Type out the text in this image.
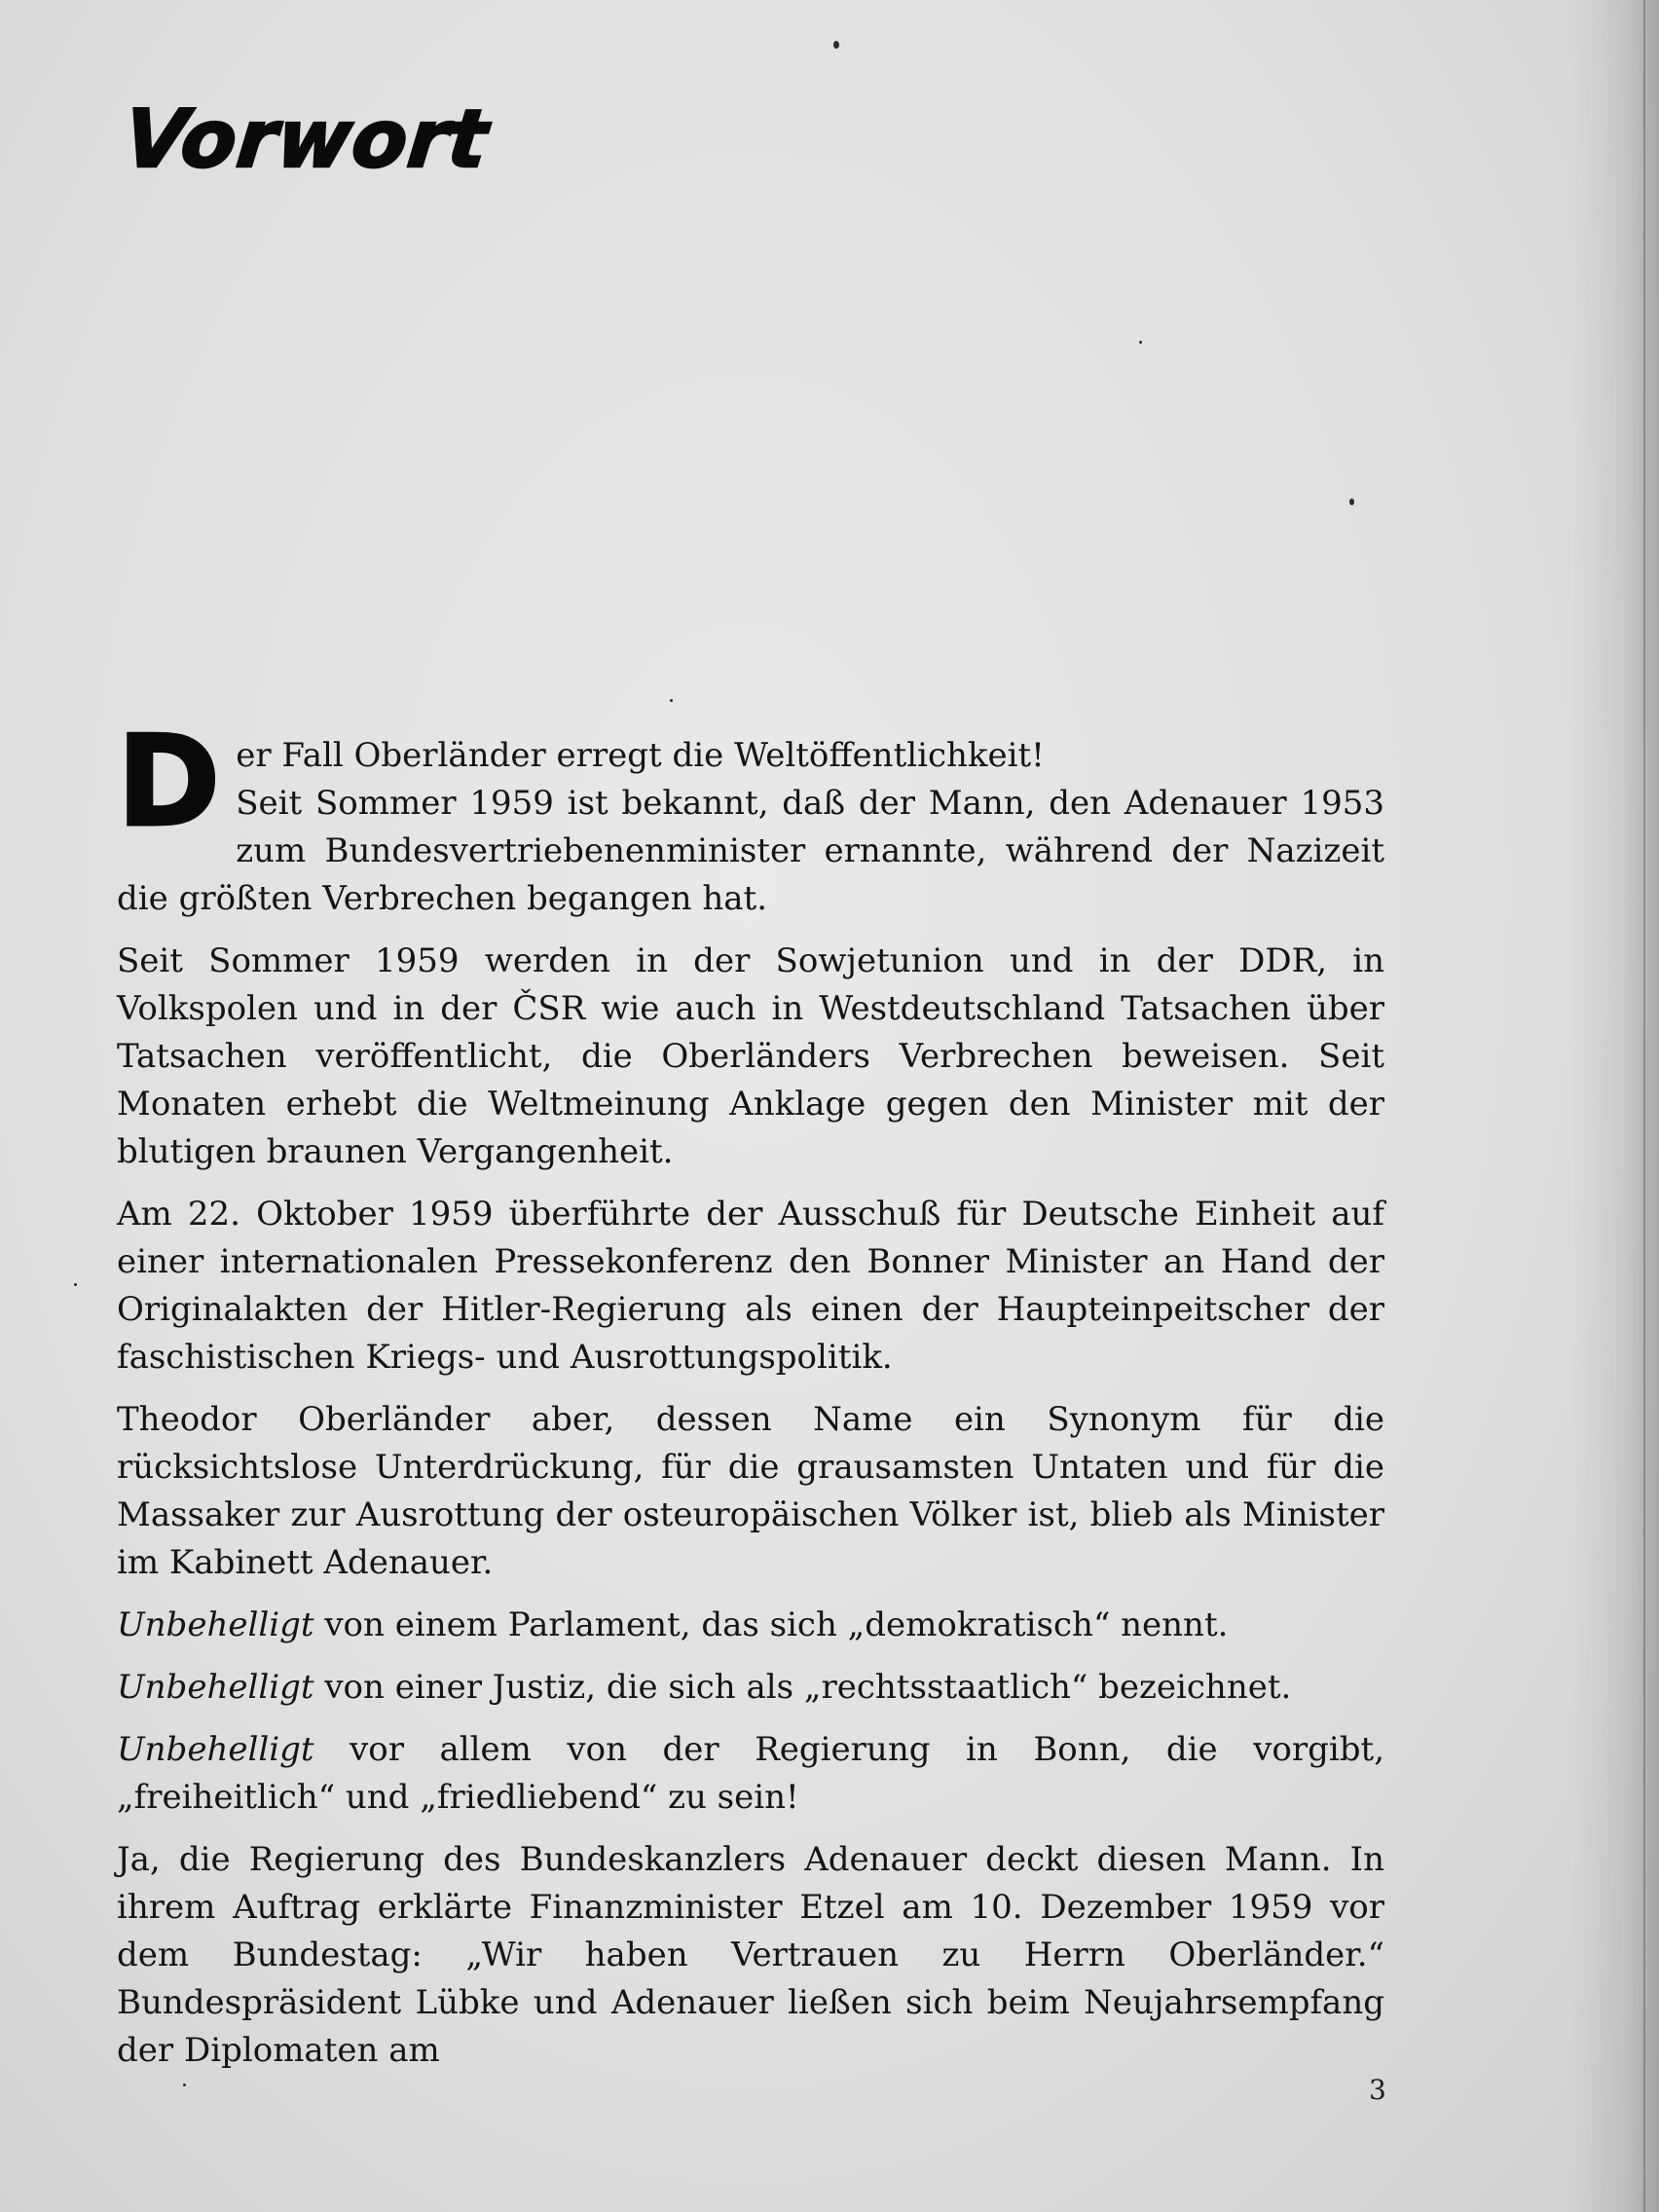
Vorwort

D er Fall Oberländer erregt die Weltöffentlichkeit!
Seit Sommer 1959 ist bekannt, daß der Mann, den Adenauer 1953 zum Bundesvertriebenenminister ernannte, während der Nazizeit die größten Verbrechen begangen hat.

Seit Sommer 1959 werden in der Sowjetunion und in der DDR, in Volkspolen und in der ČSR wie auch in Westdeutschland Tatsachen über Tatsachen veröffentlicht, die Oberländers Verbrechen beweisen. Seit Monaten erhebt die Weltmeinung Anklage gegen den Minister mit der blutigen braunen Vergangenheit.

Am 22. Oktober 1959 überführte der Ausschuß für Deutsche Einheit auf einer internationalen Pressekonferenz den Bonner Minister an Hand der Originalakten der Hitler-Regierung als einen der Haupteinpeitscher der faschistischen Kriegs- und Ausrottungspolitik.

Theodor Oberländer aber, dessen Name ein Synonym für die rücksichtslose Unterdrückung, für die grausamsten Untaten und für die Massaker zur Ausrottung der osteuropäischen Völker ist, blieb als Minister im Kabinett Adenauer.

Unbehelligt von einem Parlament, das sich „demokratisch“ nennt.

Unbehelligt von einer Justiz, die sich als „rechtsstaatlich“ bezeichnet.

Unbehelligt vor allem von der Regierung in Bonn, die vorgibt, „freiheitlich“ und „friedliebend“ zu sein!

Ja, die Regierung des Bundeskanzlers Adenauer deckt diesen Mann. In ihrem Auftrag erklärte Finanzminister Etzel am 10. Dezember 1959 vor dem Bundestag: „Wir haben Vertrauen zu Herrn Oberländer.“ Bundespräsident Lübke und Adenauer ließen sich beim Neujahrsempfang der Diplomaten am

3
